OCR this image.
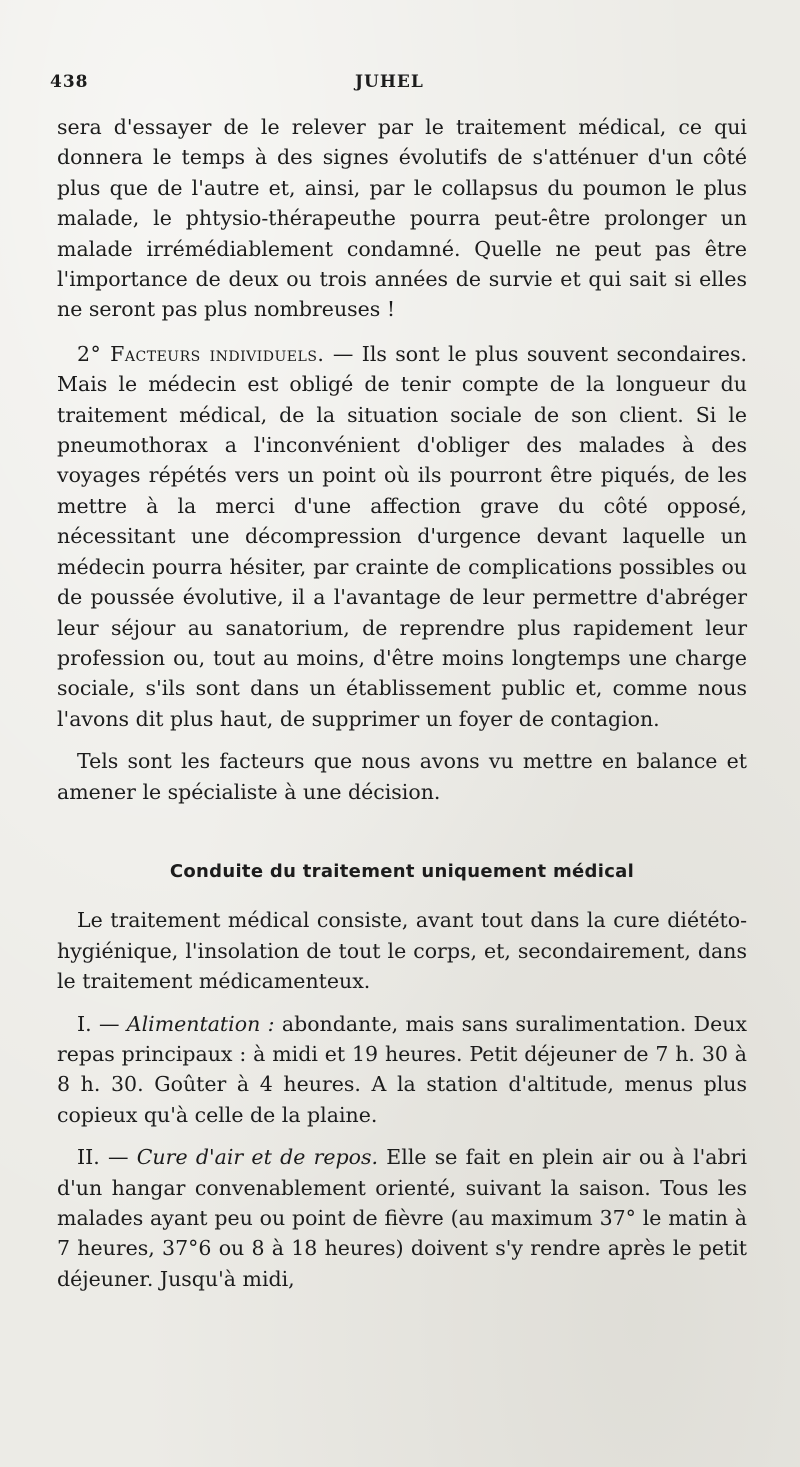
438	JUHEL

sera d'essayer de le relever par le traitement médical, ce qui donnera le temps à des signes évolutifs de s'atténuer d'un côté plus que de l'autre et, ainsi, par le collapsus du poumon le plus malade, le phtysio-thérapeuthe pourra peut-être prolonger un malade irrémédiablement condamné. Quelle ne peut pas être l'importance de deux ou trois années de survie et qui sait si elles ne seront pas plus nombreuses !

2° Facteurs individuels. — Ils sont le plus souvent secondaires. Mais le médecin est obligé de tenir compte de la longueur du traitement médical, de la situation sociale de son client. Si le pneumothorax a l'inconvénient d'obliger des malades à des voyages répétés vers un point où ils pourront être piqués, de les mettre à la merci d'une affection grave du côté opposé, nécessitant une décompression d'urgence devant laquelle un médecin pourra hésiter, par crainte de complications possibles ou de poussée évolutive, il a l'avantage de leur permettre d'abréger leur séjour au sanatorium, de reprendre plus rapidement leur profession ou, tout au moins, d'être moins longtemps une charge sociale, s'ils sont dans un établissement public et, comme nous l'avons dit plus haut, de supprimer un foyer de contagion.

Tels sont les facteurs que nous avons vu mettre en balance et amener le spécialiste à une décision.

Conduite du traitement uniquement médical

Le traitement médical consiste, avant tout dans la cure diététo-hygiénique, l'insolation de tout le corps, et, secondairement, dans le traitement médicamenteux.

I. — Alimentation : abondante, mais sans suralimentation. Deux repas principaux : à midi et 19 heures. Petit déjeuner de 7 h. 30 à 8 h. 30. Goûter à 4 heures. A la station d'altitude, menus plus copieux qu'à celle de la plaine.

II. — Cure d'air et de repos. Elle se fait en plein air ou à l'abri d'un hangar convenablement orienté, suivant la saison. Tous les malades ayant peu ou point de fièvre (au maximum 37° le matin à 7 heures, 37°6 ou 8 à 18 heures) doivent s'y rendre après le petit déjeuner. Jusqu'à midi,
